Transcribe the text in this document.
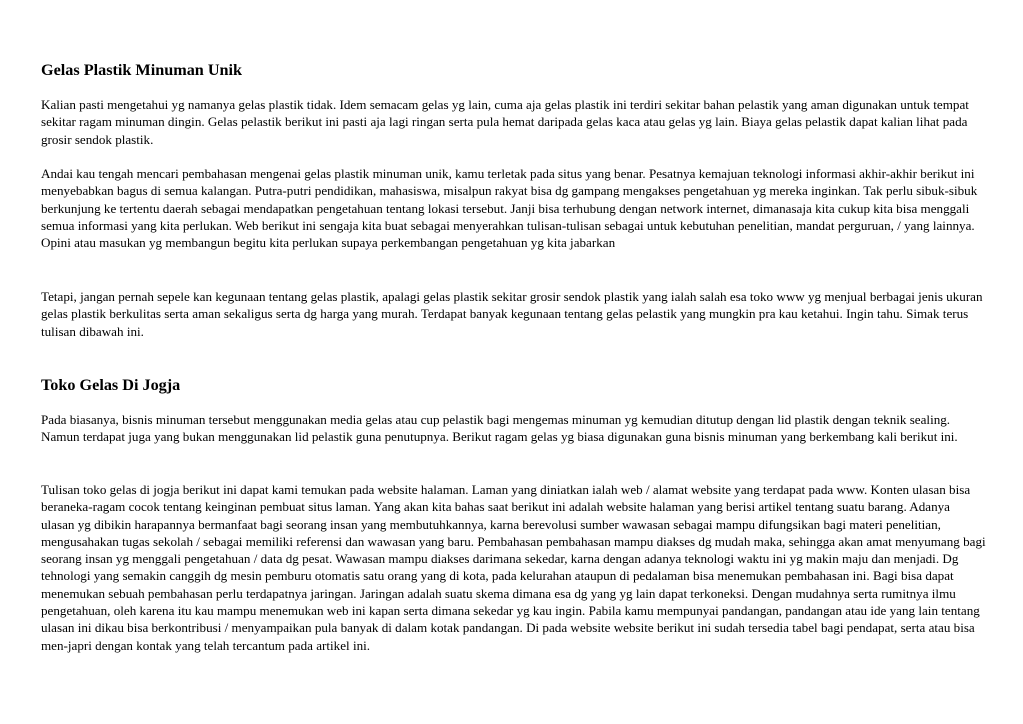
Gelas Plastik Minuman Unik

Kalian pasti mengetahui yg namanya gelas plastik tidak. Idem semacam gelas yg lain, cuma aja gelas plastik ini terdiri sekitar bahan pelastik yang aman digunakan untuk tempat sekitar ragam minuman dingin. Gelas pelastik berikut ini pasti aja lagi ringan serta pula hemat daripada gelas kaca atau gelas yg lain. Biaya gelas pelastik dapat kalian lihat pada grosir sendok plastik.

Andai kau tengah mencari pembahasan mengenai gelas plastik minuman unik, kamu terletak pada situs yang benar. Pesatnya kemajuan teknologi informasi akhir-akhir berikut ini menyebabkan bagus di semua kalangan. Putra-putri pendidikan, mahasiswa, misalpun rakyat bisa dg gampang mengakses pengetahuan yg mereka inginkan. Tak perlu sibuk-sibuk berkunjung ke tertentu daerah sebagai mendapatkan pengetahuan tentang lokasi tersebut. Janji bisa terhubung dengan network internet, dimanasaja kita cukup kita bisa menggali semua informasi yang kita perlukan. Web berikut ini sengaja kita buat sebagai menyerahkan tulisan-tulisan sebagai untuk kebutuhan penelitian, mandat perguruan, / yang lainnya. Opini atau masukan yg membangun begitu kita perlukan supaya perkembangan pengetahuan yg kita jabarkan

Tetapi, jangan pernah sepele kan kegunaan tentang gelas plastik, apalagi gelas plastik sekitar grosir sendok plastik yang ialah salah esa toko www yg menjual berbagai jenis ukuran gelas plastik berkulitas serta aman sekaligus serta dg harga yang murah. Terdapat banyak kegunaan tentang gelas pelastik yang mungkin pra kau ketahui. Ingin tahu. Simak terus tulisan dibawah ini.

Toko Gelas Di Jogja

Pada biasanya, bisnis minuman tersebut menggunakan media gelas atau cup pelastik bagi mengemas minuman yg kemudian ditutup dengan lid plastik dengan teknik sealing. Namun terdapat juga yang bukan menggunakan lid pelastik guna penutupnya. Berikut ragam gelas yg biasa digunakan guna bisnis minuman yang berkembang kali berikut ini.

Tulisan toko gelas di jogja berikut ini dapat kami temukan pada website halaman. Laman yang diniatkan ialah web / alamat website yang terdapat pada www. Konten ulasan bisa beraneka-ragam cocok tentang keinginan pembuat situs laman. Yang akan kita bahas saat berikut ini adalah website halaman yang berisi artikel tentang suatu barang. Adanya ulasan yg dibikin harapannya bermanfaat bagi seorang insan yang membutuhkannya, karna berevolusi sumber wawasan sebagai mampu difungsikan bagi materi penelitian, mengusahakan tugas sekolah / sebagai memiliki referensi dan wawasan yang baru. Pembahasan pembahasan mampu diakses dg mudah maka, sehingga akan amat menyumang bagi seorang insan yg menggali pengetahuan / data dg pesat. Wawasan mampu diakses darimana sekedar, karna dengan adanya teknologi waktu ini yg makin maju dan menjadi. Dg tehnologi yang semakin canggih dg mesin pemburu otomatis satu orang yang di kota, pada kelurahan ataupun di pedalaman bisa menemukan pembahasan ini. Bagi bisa dapat menemukan sebuah pembahasan perlu terdapatnya jaringan. Jaringan adalah suatu skema dimana esa dg yang yg lain dapat terkoneksi. Dengan mudahnya serta rumitnya ilmu pengetahuan, oleh karena itu kau mampu menemukan web ini kapan serta dimana sekedar yg kau ingin. Pabila kamu mempunyai pandangan, pandangan atau ide yang lain tentang ulasan ini dikau bisa berkontribusi / menyampaikan pula banyak di dalam kotak pandangan. Di pada website website berikut ini sudah tersedia tabel bagi pendapat, serta atau bisa men-japri dengan kontak yang telah tercantum pada artikel ini.
